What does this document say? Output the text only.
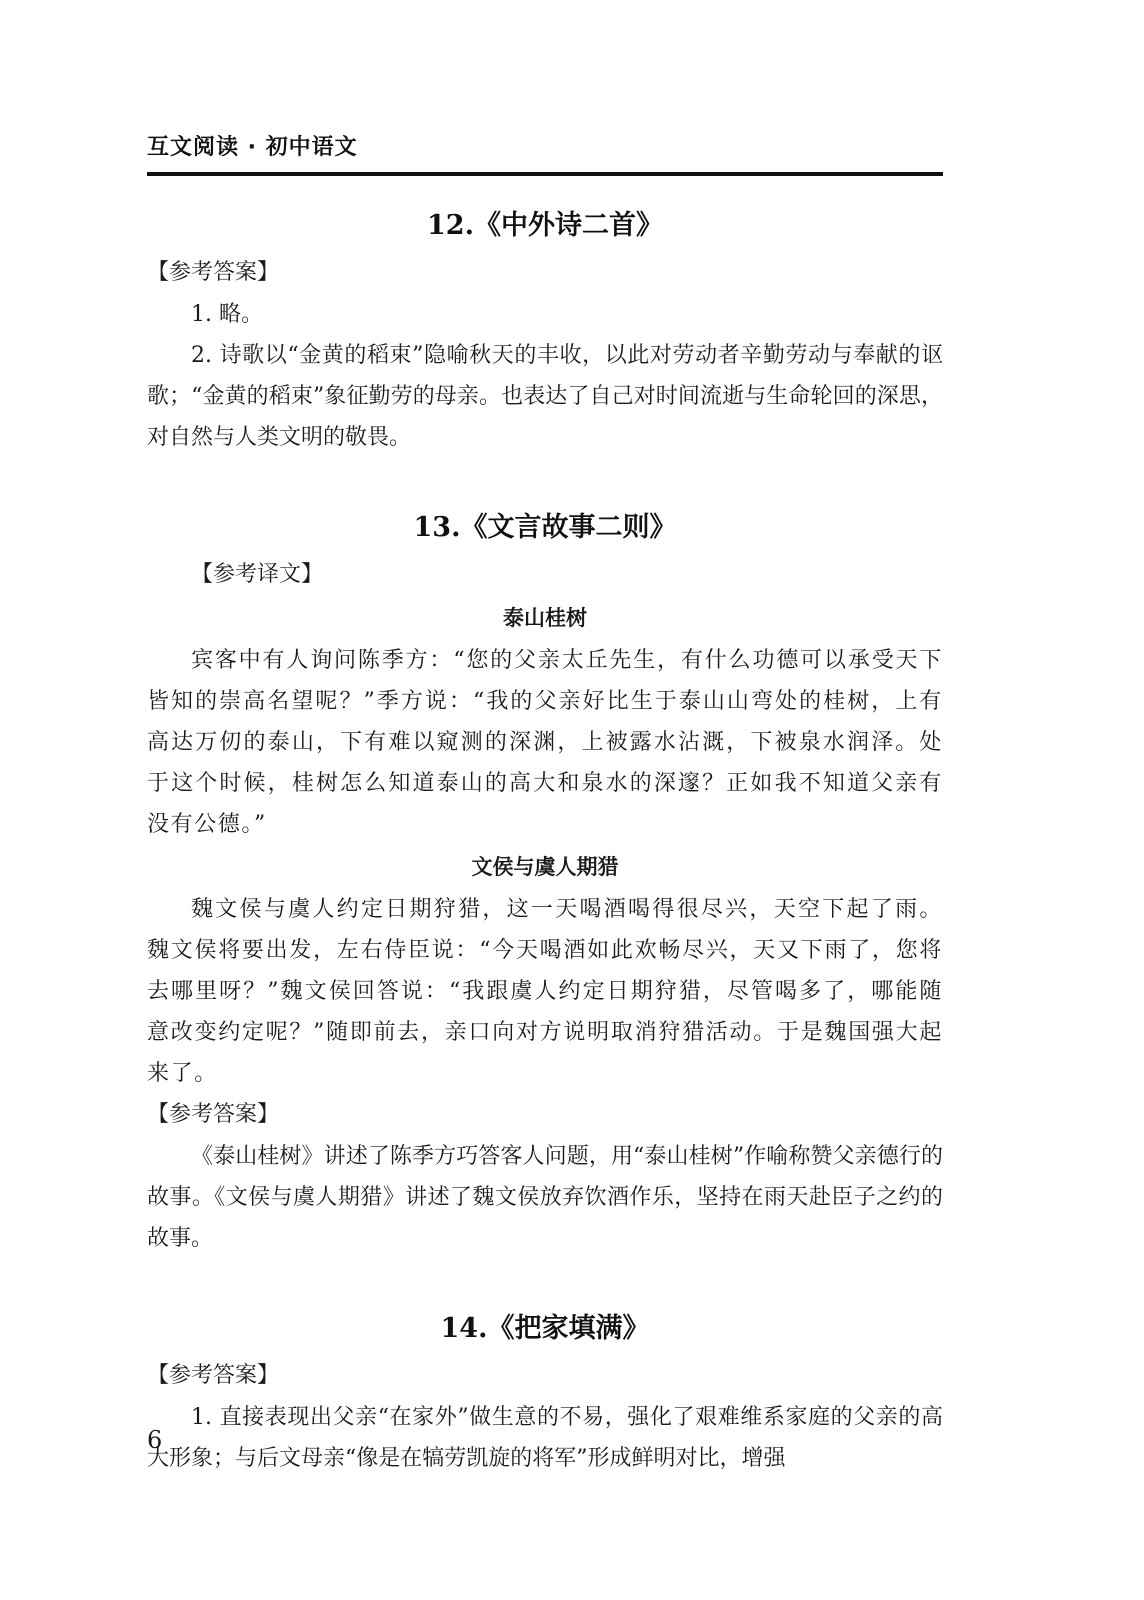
互文阅读 · 初中语文
12.《中外诗二首》

【参考答案】

1. 略。

2. 诗歌以“金黄的稻束”隐喻秋天的丰收，以此对劳动者辛勤劳动与奉献的讴歌；“金黄的稻束”象征勤劳的母亲。也表达了自己对时间流逝与生命轮回的深思，对自然与人类文明的敬畏。

13.《文言故事二则》

【参考译文】

泰山桂树

宾客中有人询问陈季方：“您的父亲太丘先生，有什么功德可以承受天下皆知的崇高名望呢？”季方说：“我的父亲好比生于泰山山弯处的桂树，上有高达万仞的泰山，下有难以窥测的深渊，上被露水沾溉，下被泉水润泽。处于这个时候，桂树怎么知道泰山的高大和泉水的深邃？正如我不知道父亲有没有公德。”

文侯与虞人期猎

魏文侯与虞人约定日期狩猎，这一天喝酒喝得很尽兴，天空下起了雨。魏文侯将要出发，左右侍臣说：“今天喝酒如此欢畅尽兴，天又下雨了，您将去哪里呀？”魏文侯回答说：“我跟虞人约定日期狩猎，尽管喝多了，哪能随意改变约定呢？”随即前去，亲口向对方说明取消狩猎活动。于是魏国强大起来了。

【参考答案】

《泰山桂树》讲述了陈季方巧答客人问题，用“泰山桂树”作喻称赞父亲德行的故事。《文侯与虞人期猎》讲述了魏文侯放弃饮酒作乐，坚持在雨天赴臣子之约的故事。

14.《把家填满》

【参考答案】

1. 直接表现出父亲“在家外”做生意的不易，强化了艰难维系家庭的父亲的高大形象；与后文母亲“像是在犒劳凯旋的将军”形成鲜明对比，增强

6
